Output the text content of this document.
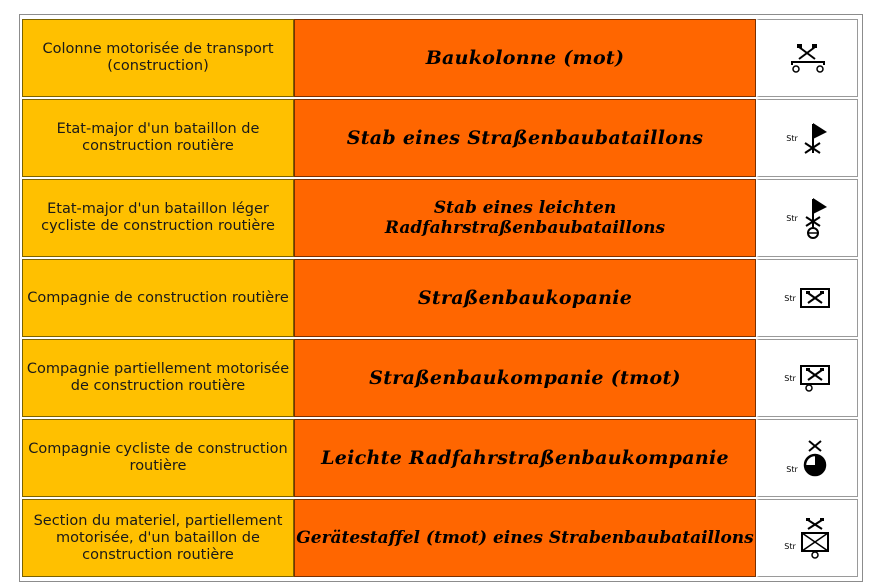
Colonne motorisée de transport (construction)	Baukolonne (mot)	

Etat-major d'un bataillon de construction routière	Stab eines Straßenbaubataillons	Str

Etat-major d'un bataillon léger cycliste de construction routière	Stab eines leichten Radfahrstraßenbaubataillons	Str

Compagnie de construction routière	Straßenbaukopanie	Str

Compagnie partiellement motorisée de construction routière	Straßenbaukompanie (tmot)	Str

Compagnie cycliste de construction routière	Leichte Radfahrstraßenbaukompanie	Str

Section du materiel, partiellement motorisée, d'un bataillon de construction routière	Gerätestaffel (tmot) eines Strabenbaubataillons	Str
